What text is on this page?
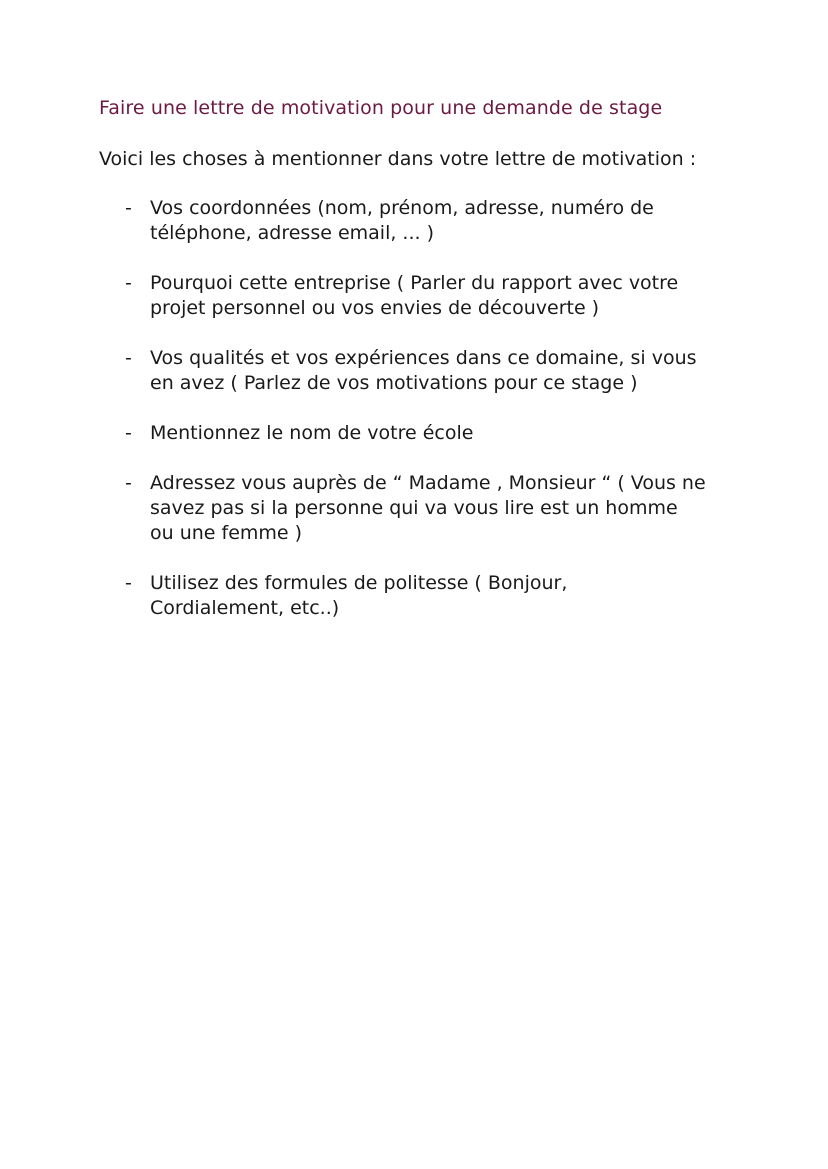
Faire une lettre de motivation pour une demande de stage
Voici les choses à mentionner dans votre lettre de motivation :
- Vos coordonnées (nom, prénom, adresse, numéro de
téléphone, adresse email, ... )
- Pourquoi cette entreprise ( Parler du rapport avec votre
projet personnel ou vos envies de découverte )
- Vos qualités et vos expériences dans ce domaine, si vous
en avez ( Parlez de vos motivations pour ce stage )
- Mentionnez le nom de votre école
- Adressez vous auprès de “ Madame , Monsieur “ ( Vous ne
savez pas si la personne qui va vous lire est un homme
ou une femme )
- Utilisez des formules de politesse ( Bonjour,
Cordialement, etc..)
